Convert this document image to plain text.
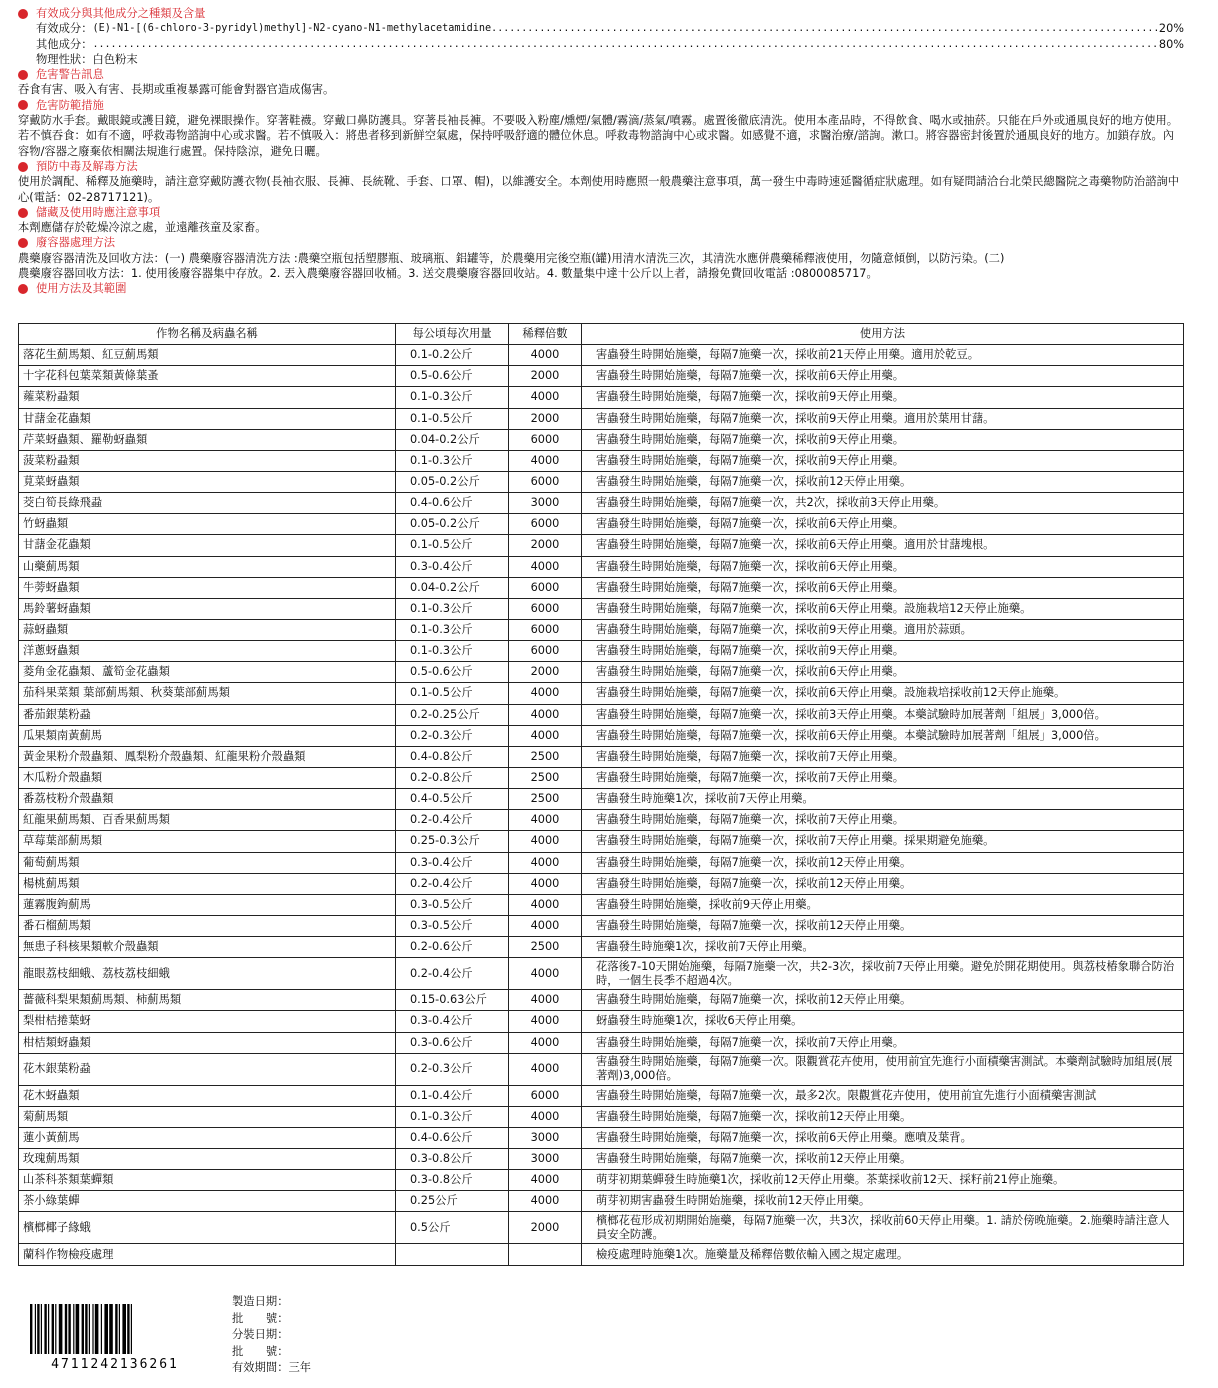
有效成分與其他成分之種類及含量
有效成分： (E)-N1-[(6-chloro-3-pyridyl)methyl]-N2-cyano-N1-methylacetamidine .....	20%
其他成分： .....	80%
物理性狀：白色粉末
危害警告訊息
吞食有害、吸入有害、長期或重複暴露可能會對器官造成傷害。
危害防範措施
穿戴防水手套。戴眼鏡或護目鏡，避免裸眼操作。穿著鞋襪。穿戴口鼻防護具。穿著長袖長褲。不要吸入粉塵/燻煙/氣體/霧滴/蒸氣/噴霧。處置後徹底清洗。使用本產品時，不得飲食、喝水或抽菸。只能在戶外或通風良好的地方使用。若不慎吞食：如有不適，呼救毒物諮詢中心或求醫。若不慎吸入：將患者移到新鮮空氣處，保持呼吸舒適的體位休息。呼救毒物諮詢中心或求醫。如感覺不適，求醫治療/諮詢。漱口。將容器密封後置於通風良好的地方。加鎖存放。內容物/容器之廢棄依相關法規進行處置。保持陰涼，避免日曬。
預防中毒及解毒方法
使用於調配、稀釋及施藥時，請注意穿戴防護衣物(長袖衣服、長褲、長統靴、手套、口罩、帽)，以維護安全。本劑使用時應照一般農藥注意事項，萬一發生中毒時速延醫循症狀處理。如有疑問請洽台北榮民總醫院之毒藥物防治諮詢中心(電話：02-28717121)。
儲藏及使用時應注意事項
本劑應儲存於乾燥冷涼之處，並遠離孩童及家畜。
廢容器處理方法
農藥廢容器清洗及回收方法：(一) 農藥廢容器清洗方法 :農藥空瓶包括塑膠瓶、玻璃瓶、鋁罐等，於農藥用完後空瓶(罐)用清水清洗三次，其清洗水應併農藥稀釋液使用，勿隨意傾倒，以防污染。(二)
農藥廢容器回收方法：1. 使用後廢容器集中存放。2. 丟入農藥廢容器回收桶。3. 送交農藥廢容器回收站。4. 數量集中達十公斤以上者，請撥免費回收電話 :0800085717。
使用方法及其範圍
作物名稱及病蟲名稱	每公頃每次用量	稀釋倍數	使用方法
落花生薊馬類、紅豆薊馬類	0.1-0.2公斤	4000	害蟲發生時開始施藥，每隔7施藥一次，採收前21天停止用藥。適用於乾豆。
十字花科包葉菜類黃條葉蚤	0.5-0.6公斤	2000	害蟲發生時開始施藥，每隔7施藥一次，採收前6天停止用藥。
蕹菜粉蝨類	0.1-0.3公斤	4000	害蟲發生時開始施藥，每隔7施藥一次，採收前9天停止用藥。
甘藷金花蟲類	0.1-0.5公斤	2000	害蟲發生時開始施藥，每隔7施藥一次，採收前9天停止用藥。適用於葉用甘藷。
芹菜蚜蟲類、羅勒蚜蟲類	0.04-0.2公斤	6000	害蟲發生時開始施藥，每隔7施藥一次，採收前9天停止用藥。
菠菜粉蝨類	0.1-0.3公斤	4000	害蟲發生時開始施藥，每隔7施藥一次，採收前9天停止用藥。
莧菜蚜蟲類	0.05-0.2公斤	6000	害蟲發生時開始施藥，每隔7施藥一次，採收前12天停止用藥。
茭白筍長綠飛蝨	0.4-0.6公斤	3000	害蟲發生時開始施藥，每隔7施藥一次，共2次，採收前3天停止用藥。
竹蚜蟲類	0.05-0.2公斤	6000	害蟲發生時開始施藥，每隔7施藥一次，採收前6天停止用藥。
甘藷金花蟲類	0.1-0.5公斤	2000	害蟲發生時開始施藥，每隔7施藥一次，採收前6天停止用藥。適用於甘藷塊根。
山藥薊馬類	0.3-0.4公斤	4000	害蟲發生時開始施藥，每隔7施藥一次，採收前6天停止用藥。
牛蒡蚜蟲類	0.04-0.2公斤	6000	害蟲發生時開始施藥，每隔7施藥一次，採收前6天停止用藥。
馬鈴薯蚜蟲類	0.1-0.3公斤	6000	害蟲發生時開始施藥，每隔7施藥一次，採收前6天停止用藥。設施栽培12天停止施藥。
蒜蚜蟲類	0.1-0.3公斤	6000	害蟲發生時開始施藥，每隔7施藥一次，採收前9天停止用藥。適用於蒜頭。
洋蔥蚜蟲類	0.1-0.3公斤	6000	害蟲發生時開始施藥，每隔7施藥一次，採收前9天停止用藥。
菱角金花蟲類、蘆筍金花蟲類	0.5-0.6公斤	2000	害蟲發生時開始施藥，每隔7施藥一次，採收前6天停止用藥。
茄科果菜類 葉部薊馬類、秋葵葉部薊馬類	0.1-0.5公斤	4000	害蟲發生時開始施藥，每隔7施藥一次，採收前6天停止用藥。設施栽培採收前12天停止施藥。
番茄銀葉粉蝨	0.2-0.25公斤	4000	害蟲發生時開始施藥，每隔7施藥一次，採收前3天停止用藥。本藥試驗時加展著劑「組展」3,000倍。
瓜果類南黃薊馬	0.2-0.3公斤	4000	害蟲發生時開始施藥，每隔7施藥一次，採收前6天停止用藥。本藥試驗時加展著劑「組展」3,000倍。
黃金果粉介殼蟲類、鳳梨粉介殼蟲類、紅龍果粉介殼蟲類	0.4-0.8公斤	2500	害蟲發生時開始施藥，每隔7施藥一次，採收前7天停止用藥。
木瓜粉介殼蟲類	0.2-0.8公斤	2500	害蟲發生時開始施藥，每隔7施藥一次，採收前7天停止用藥。
番荔枝粉介殼蟲類	0.4-0.5公斤	2500	害蟲發生時施藥1次，採收前7天停止用藥。
紅龍果薊馬類、百香果薊馬類	0.2-0.4公斤	4000	害蟲發生時開始施藥，每隔7施藥一次，採收前7天停止用藥。
草莓葉部薊馬類	0.25-0.3公斤	4000	害蟲發生時開始施藥，每隔7施藥一次，採收前7天停止用藥。採果期避免施藥。
葡萄薊馬類	0.3-0.4公斤	4000	害蟲發生時開始施藥，每隔7施藥一次，採收前12天停止用藥。
楊桃薊馬類	0.2-0.4公斤	4000	害蟲發生時開始施藥，每隔7施藥一次，採收前12天停止用藥。
蓮霧腹鉤薊馬	0.3-0.5公斤	4000	害蟲發生時開始施藥，採收前9天停止用藥。
番石榴薊馬類	0.3-0.5公斤	4000	害蟲發生時開始施藥，每隔7施藥一次，採收前12天停止用藥。
無患子科核果類軟介殼蟲類	0.2-0.6公斤	2500	害蟲發生時施藥1次，採收前7天停止用藥。
龍眼荔枝細蛾、荔枝荔枝細蛾	0.2-0.4公斤	4000	花落後7-10天開始施藥，每隔7施藥一次，共2-3次，採收前7天停止用藥。避免於開花期使用。與荔枝椿象聯合防治時，一個生長季不超過4次。
薔薇科梨果類薊馬類、柿薊馬類	0.15-0.63公斤	4000	害蟲發生時開始施藥，每隔7施藥一次，採收前12天停止用藥。
梨柑桔捲葉蚜	0.3-0.4公斤	4000	蚜蟲發生時施藥1次，採收6天停止用藥。
柑桔類蚜蟲類	0.3-0.6公斤	4000	害蟲發生時開始施藥，每隔7施藥一次，採收前7天停止用藥。
花木銀葉粉蝨	0.2-0.3公斤	4000	害蟲發生時開始施藥，每隔7施藥一次。限觀賞花卉使用，使用前宜先進行小面積藥害測試。本藥劑試驗時加組展(展著劑)3,000倍。
花木蚜蟲類	0.1-0.4公斤	6000	害蟲發生時開始施藥，每隔7施藥一次，最多2次。限觀賞花卉使用，使用前宜先進行小面積藥害測試
菊薊馬類	0.1-0.3公斤	4000	害蟲發生時開始施藥，每隔7施藥一次，採收前12天停止用藥。
蓮小黃薊馬	0.4-0.6公斤	3000	害蟲發生時開始施藥，每隔7施藥一次，採收前6天停止用藥。應噴及葉背。
玫瑰薊馬類	0.3-0.8公斤	3000	害蟲發生時開始施藥，每隔7施藥一次，採收前12天停止用藥。
山茶科茶類葉蟬類	0.3-0.8公斤	4000	萌芽初期葉蟬發生時施藥1次，採收前12天停止用藥。茶葉採收前12天、採籽前21停止施藥。
茶小綠葉蟬	0.25公斤	4000	萌芽初期害蟲發生時開始施藥，採收前12天停止用藥。
檳榔椰子緣蛾	0.5公斤	2000	檳榔花苞形成初期開始施藥，每隔7施藥一次，共3次，採收前60天停止用藥。1. 請於傍晚施藥。2.施藥時請注意人員安全防護。
蘭科作物檢疫處理			檢疫處理時施藥1次。施藥量及稀釋倍數依輸入國之規定處理。
4711242136261
製造日期：
批　　號：
分裝日期：
批　　號：
有效期間：三年
